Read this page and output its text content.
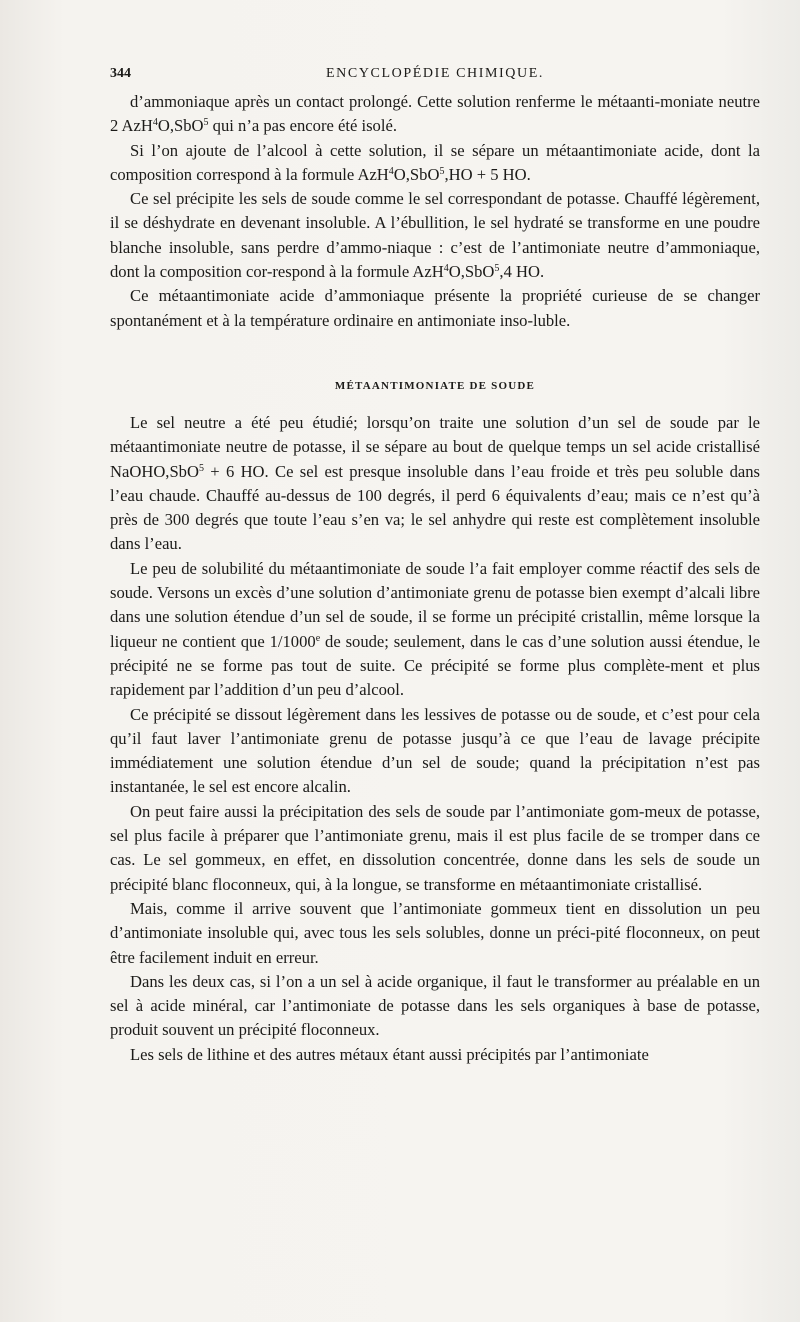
344	ENCYCLOPÉDIE CHIMIQUE.

d’ammoniaque après un contact prolongé. Cette solution renferme le métaanti-moniate neutre 2 AzH$^4$O,SbO$^5$ qui n’a pas encore été isolé.

Si l’on ajoute de l’alcool à cette solution, il se sépare un métaantimoniate acide, dont la composition correspond à la formule AzH$^4$O,SbO$^5$,HO + 5 HO.

Ce sel précipite les sels de soude comme le sel correspondant de potasse. Chauffé légèrement, il se déshydrate en devenant insoluble. A l’ébullition, le sel hydraté se transforme en une poudre blanche insoluble, sans perdre d’ammo-niaque : c’est de l’antimoniate neutre d’ammoniaque, dont la composition cor-respond à la formule AzH$^4$O,SbO$^5$,4 HO.

Ce métaantimoniate acide d’ammoniaque présente la propriété curieuse de se changer spontanément et à la température ordinaire en antimoniate inso-luble.

MÉTAANTIMONIATE DE SOUDE

Le sel neutre a été peu étudié; lorsqu’on traite une solution d’un sel de soude par le métaantimoniate neutre de potasse, il se sépare au bout de quelque temps un sel acide cristallisé NaOHO,SbO$^5$ + 6 HO. Ce sel est presque insoluble dans l’eau froide et très peu soluble dans l’eau chaude. Chauffé au-dessus de 100 degrés, il perd 6 équivalents d’eau; mais ce n’est qu’à près de 300 degrés que toute l’eau s’en va; le sel anhydre qui reste est complètement insoluble dans l’eau.

Le peu de solubilité du métaantimoniate de soude l’a fait employer comme réactif des sels de soude. Versons un excès d’une solution d’antimoniate grenu de potasse bien exempt d’alcali libre dans une solution étendue d’un sel de soude, il se forme un précipité cristallin, même lorsque la liqueur ne contient que 1/1000e de soude; seulement, dans le cas d’une solution aussi étendue, le précipité ne se forme pas tout de suite. Ce précipité se forme plus complète-ment et plus rapidement par l’addition d’un peu d’alcool.

Ce précipité se dissout légèrement dans les lessives de potasse ou de soude, et c’est pour cela qu’il faut laver l’antimoniate grenu de potasse jusqu’à ce que l’eau de lavage précipite immédiatement une solution étendue d’un sel de soude; quand la précipitation n’est pas instantanée, le sel est encore alcalin.

On peut faire aussi la précipitation des sels de soude par l’antimoniate gom-meux de potasse, sel plus facile à préparer que l’antimoniate grenu, mais il est plus facile de se tromper dans ce cas. Le sel gommeux, en effet, en dissolution concentrée, donne dans les sels de soude un précipité blanc floconneux, qui, à la longue, se transforme en métaantimoniate cristallisé.

Mais, comme il arrive souvent que l’antimoniate gommeux tient en dissolution un peu d’antimoniate insoluble qui, avec tous les sels solubles, donne un préci-pité floconneux, on peut être facilement induit en erreur.

Dans les deux cas, si l’on a un sel à acide organique, il faut le transformer au préalable en un sel à acide minéral, car l’antimoniate de potasse dans les sels organiques à base de potasse, produit souvent un précipité floconneux.

Les sels de lithine et des autres métaux étant aussi précipités par l’antimoniate
